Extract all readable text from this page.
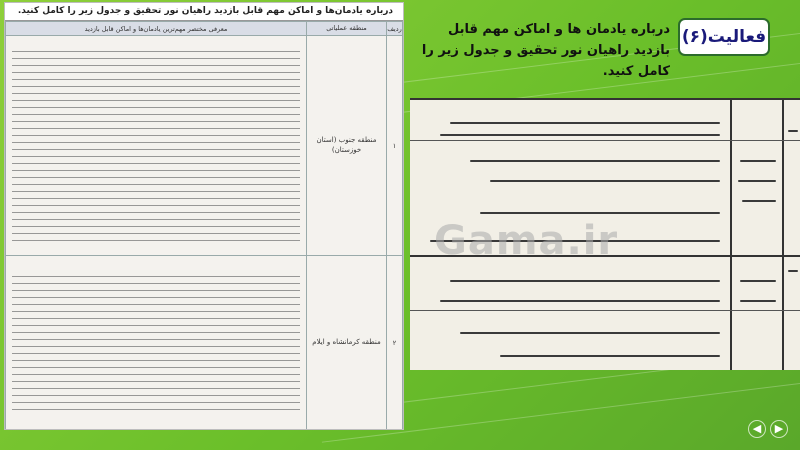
درباره یادمان‌ها و اماکن مهم قابل بازدید راهیان نور تحقیق و جدول زیر را کامل کنید.
ردیف	منطقه عملیاتی	معرفی مختصر مهم‌ترین یادمان‌ها و اماکن قابل بازدید
۱	منطقه جنوب (استان خوزستان)	

۲	منطقه کرمانشاه و ایلام	
Gama.ir
فعالیت(۶)
درباره یادمان ها و اماکن مهم قابل بازدید راهیان نور تحقیق و جدول زیر را کامل کنید.
◀	▶
